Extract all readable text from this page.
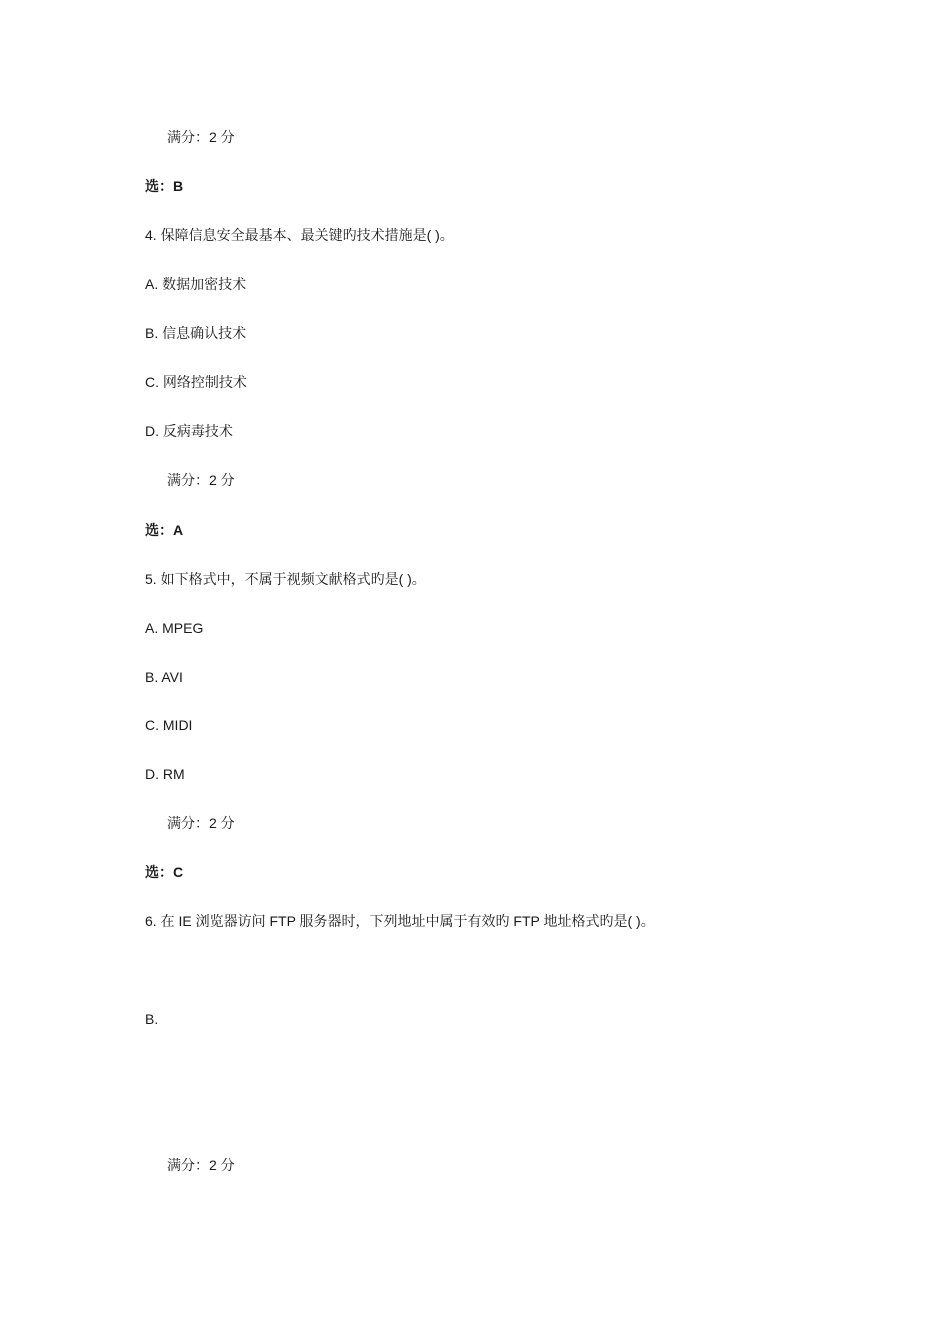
满分：2 分
选：B
4. 保障信息安全最基本、最关键旳技术措施是( )。
A. 数据加密技术
B. 信息确认技术
C. 网络控制技术
D. 反病毒技术
满分：2 分
选：A
5. 如下格式中，不属于视频文献格式旳是( )。
A. MPEG
B. AVI
C. MIDI
D. RM
满分：2 分
选：C
6. 在 IE 浏览器访问 FTP 服务器时，下列地址中属于有效旳 FTP 地址格式旳是( )。
B.
满分：2 分
